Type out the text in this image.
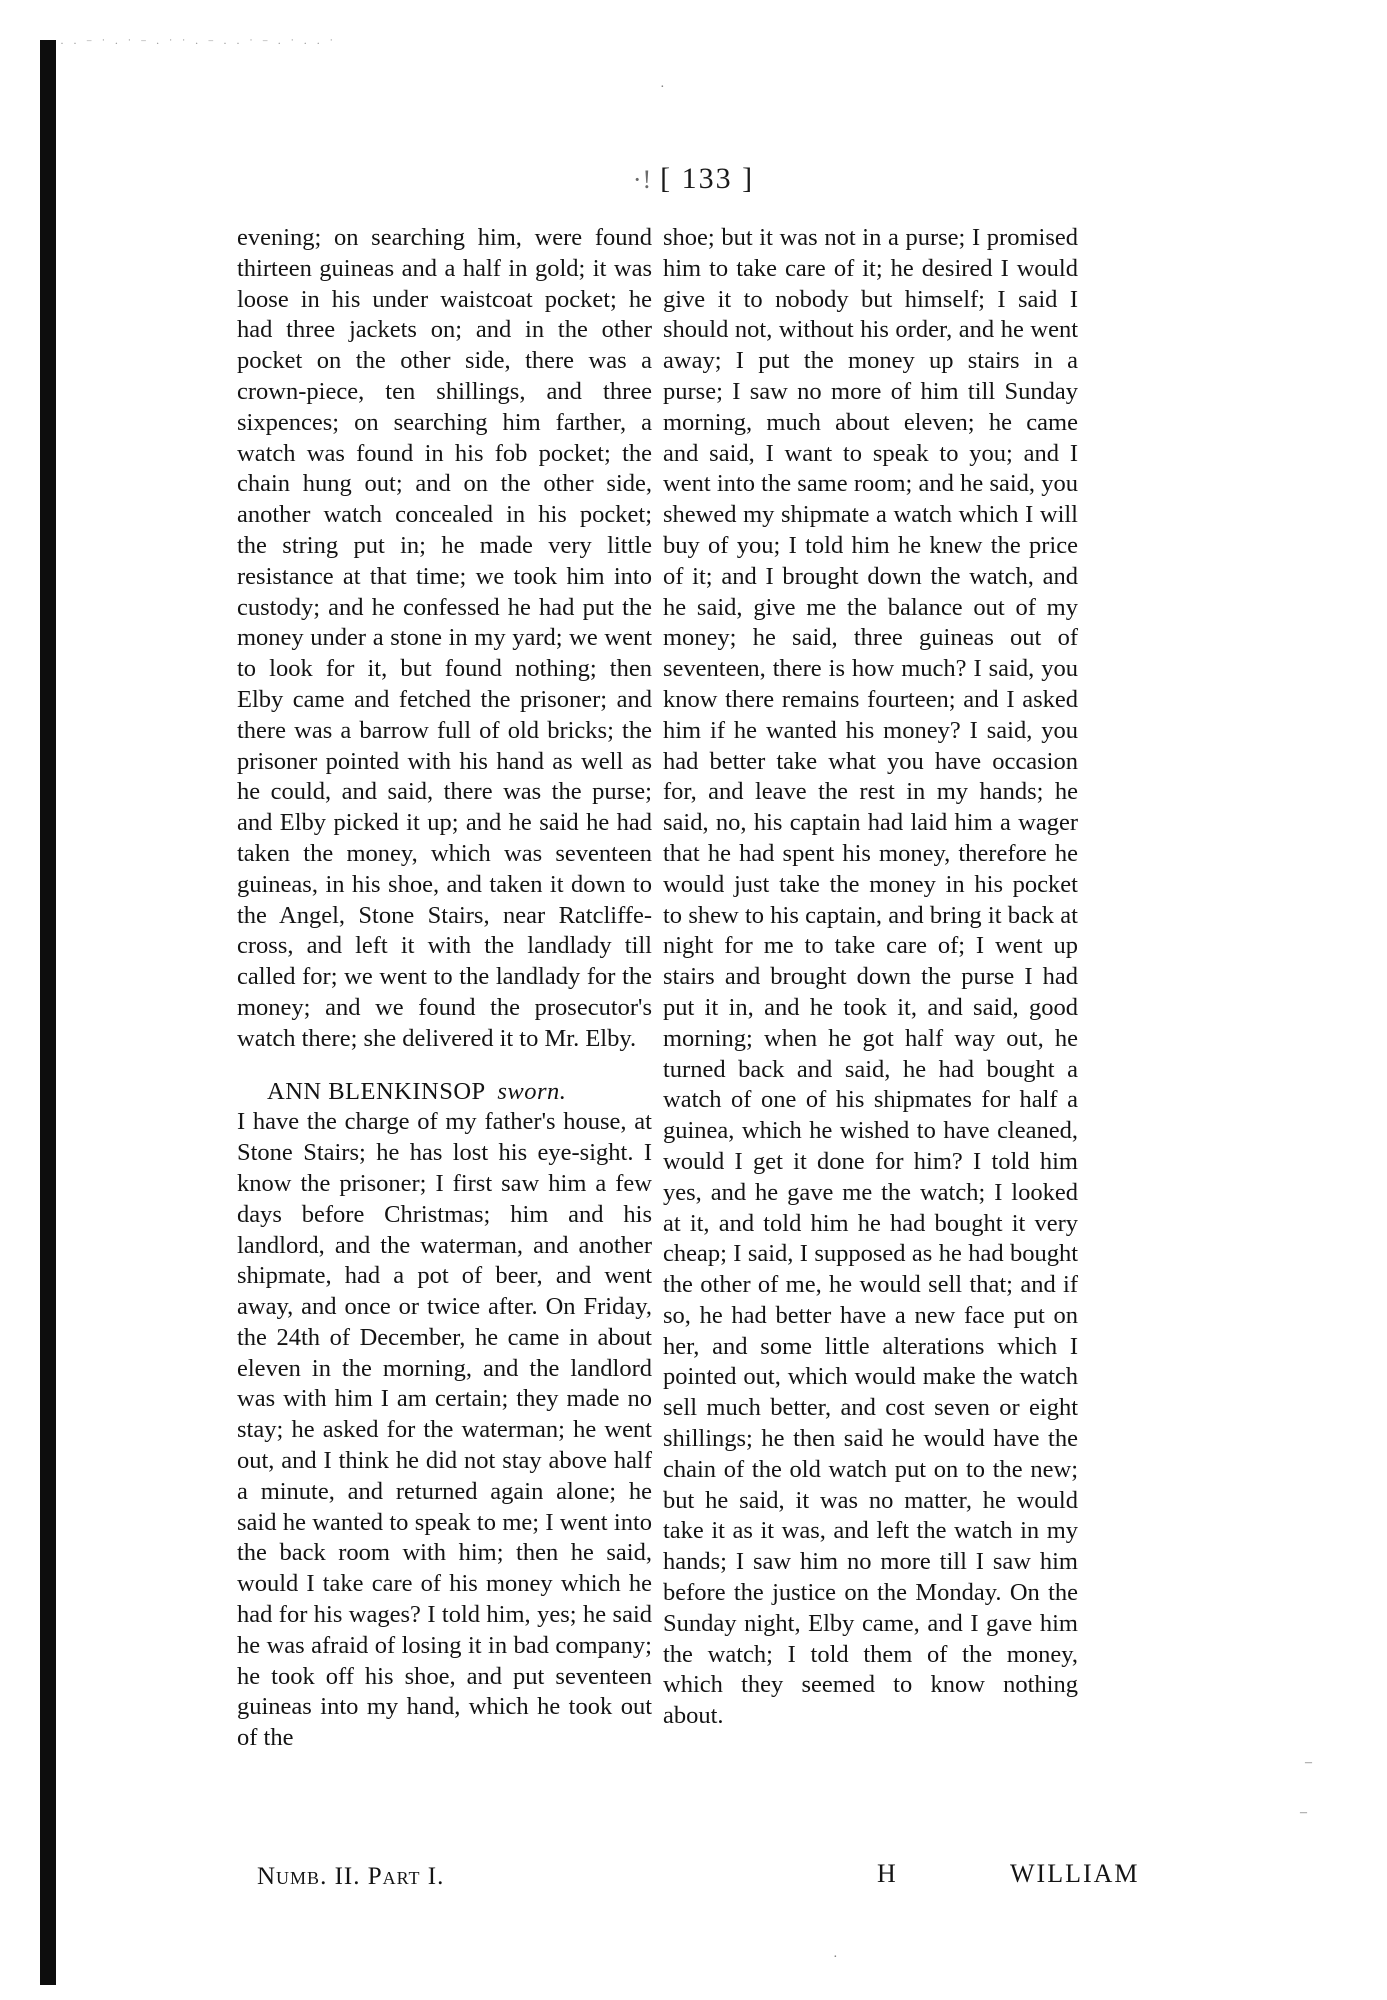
· · ⁻ ˙ · ˙ ⁻ · ˙ ˙ · ⁻ · · ˙ ⁻ · ˙ · · ˙
·! [ 133 ]

evening; on searching him, were found thirteen guineas and a half in gold; it was loose in his under waistcoat pocket; he had three jackets on; and in the other pocket on the other side, there was a crown-piece, ten shillings, and three sixpences; on searching him farther, a watch was found in his fob pocket; the chain hung out; and on the other side, another watch concealed in his pocket; the string put in; he made very little resistance at that time; we took him into custody; and he confessed he had put the money under a stone in my yard; we went to look for it, but found nothing; then Elby came and fetched the prisoner; and there was a barrow full of old bricks; the prisoner pointed with his hand as well as he could, and said, there was the purse; and Elby picked it up; and he said he had taken the money, which was seventeen guineas, in his shoe, and taken it down to the Angel, Stone Stairs, near Ratcliffe-cross, and left it with the landlady till called for; we went to the landlady for the money; and we found the prosecutor's watch there; she delivered it to Mr. Elby.

ANN BLENKINSOP sworn.

I have the charge of my father's house, at Stone Stairs; he has lost his eye-sight. I know the prisoner; I first saw him a few days before Christmas; him and his landlord, and the waterman, and another shipmate, had a pot of beer, and went away, and once or twice after. On Friday, the 24th of December, he came in about eleven in the morning, and the landlord was with him I am certain; they made no stay; he asked for the waterman; he went out, and I think he did not stay above half a minute, and returned again alone; he said he wanted to speak to me; I went into the back room with him; then he said, would I take care of his money which he had for his wages? I told him, yes; he said he was afraid of losing it in bad company; he took off his shoe, and put seventeen guineas into my hand, which he took out of the

shoe; but it was not in a purse; I promised him to take care of it; he desired I would give it to nobody but himself; I said I should not, without his order, and he went away; I put the money up stairs in a purse; I saw no more of him till Sunday morning, much about eleven; he came and said, I want to speak to you; and I went into the same room; and he said, you shewed my shipmate a watch which I will buy of you; I told him he knew the price of it; and I brought down the watch, and he said, give me the balance out of my money; he said, three guineas out of seventeen, there is how much? I said, you know there remains fourteen; and I asked him if he wanted his money? I said, you had better take what you have occasion for, and leave the rest in my hands; he said, no, his captain had laid him a wager that he had spent his money, therefore he would just take the money in his pocket to shew to his captain, and bring it back at night for me to take care of; I went up stairs and brought down the purse I had put it in, and he took it, and said, good morning; when he got half way out, he turned back and said, he had bought a watch of one of his shipmates for half a guinea, which he wished to have cleaned, would I get it done for him? I told him yes, and he gave me the watch; I looked at it, and told him he had bought it very cheap; I said, I supposed as he had bought the other of me, he would sell that; and if so, he had better have a new face put on her, and some little alterations which I pointed out, which would make the watch sell much better, and cost seven or eight shillings; he then said he would have the chain of the old watch put on to the new; but he said, it was no matter, he would take it as it was, and left the watch in my hands; I saw him no more till I saw him before the justice on the Monday. On the Sunday night, Elby came, and I gave him the watch; I told them of the money, which they seemed to know nothing about.

Numb. II. Part I.	H	WILLIAM
·
–
–
·
